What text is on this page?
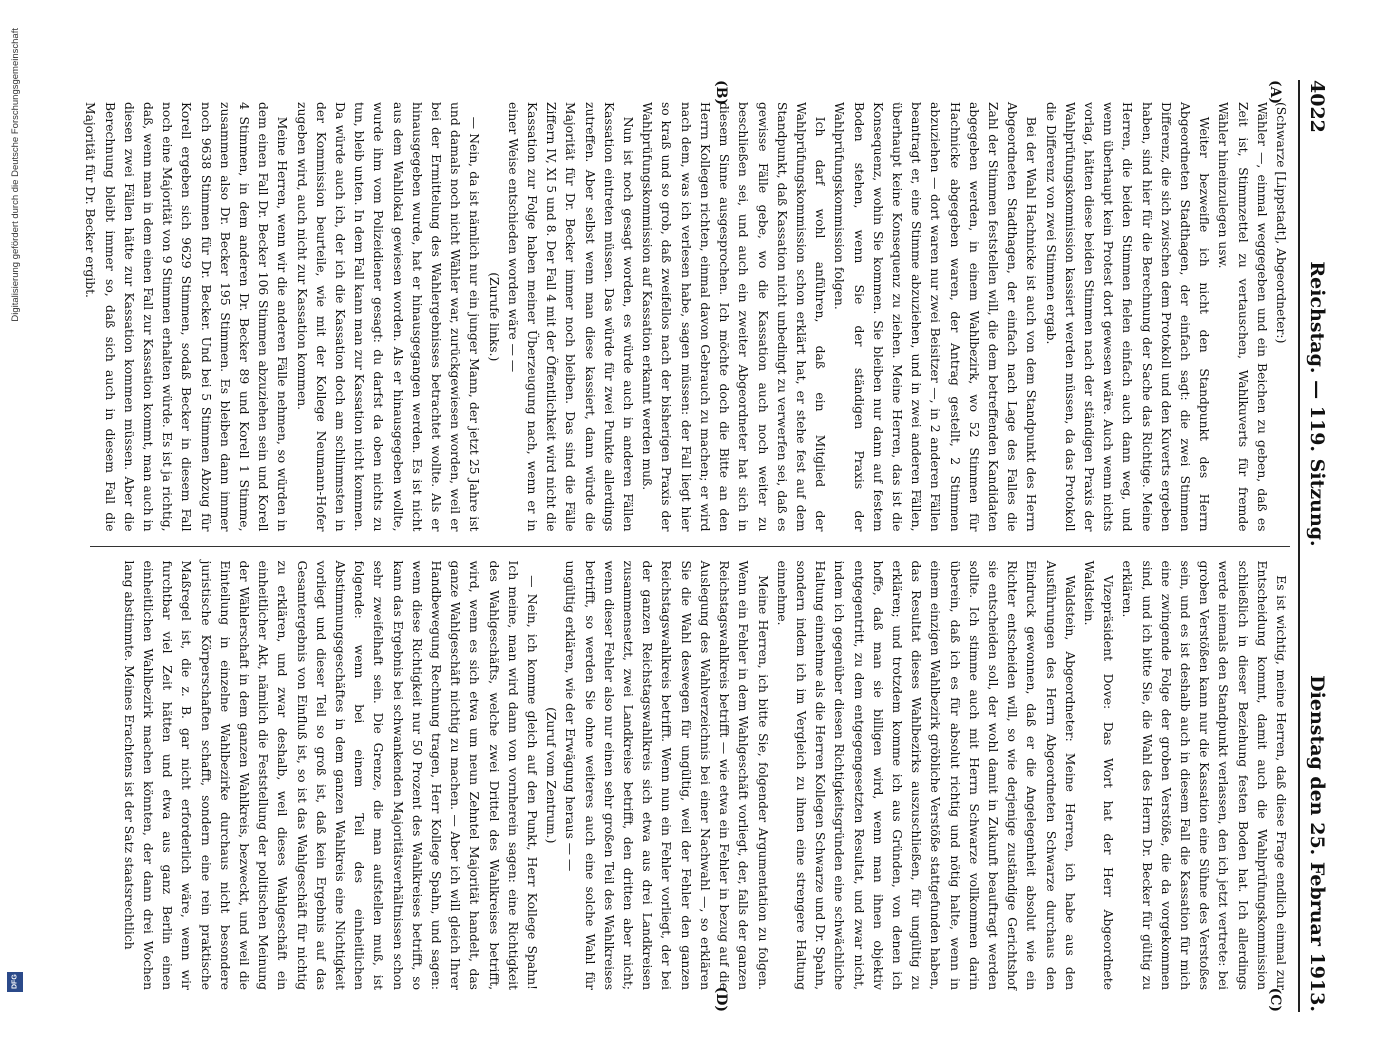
4022
Reichstag. — 119. Sitzung.
Dienstag den 25. Februar 1913.
(A)
(B)

(Schwarze [Lippstadt], Abgeordneter:)

Wähler —, einmal weggegeben und ein Beichen zu geben, daß es Zeit ist, Stimmzettel zu vertauschen, Wahlkuverts für fremde Wähler hineinzulegen usw.

Weiter bezweifle ich nicht den Standpunkt des Herrn Abgeordneten Stadthagen, der einfach sagt: die zwei Stimmen Differenz, die sich zwischen dem Protokoll und den Kuverts ergeben haben, sind hier für die Berechnung der Sache das Richtige. Meine Herren, die beiden Stimmen fielen einfach auch dann weg, und wenn überhaupt kein Protest dort gewesen wäre. Auch wenn nichts vorlag, hätten diese beiden Stimmen nach der ständigen Praxis der Wahlprüfungskommission kassiert werden müssen, da das Protokoll die Differenz von zwei Stimmen ergab.

Bei der Wahl Hachnicke ist auch von dem Standpunkt des Herrn Abgeordneten Stadthagen, der einfach nach Lage des Falles die Zahl der Stimmen feststellen will, die dem betreffenden Kandidaten abgegeben werden, in einem Wahlbezirk, wo 52 Stimmen für Hachnicke abgegeben waren, der Antrag gestellt, 2 Stimmen abzuziehen — dort waren nur zwei Beisitzer —, in 2 anderen Fällen beantragt er, eine Stimme abzuziehen, und in zwei anderen Fällen, überhaupt keine Konsequenz zu ziehen. Meine Herren, das ist die Konsequenz, wohin Sie kommen. Sie bleiben nur dann auf festem Boden stehen, wenn Sie der ständigen Praxis der Wahlprüfungskommission folgen.

Ich darf wohl anführen, daß ein Mitglied der Wahlprüfungskommission schon erklärt hat, er stehe fest auf dem Standpunkt, daß Kassation nicht unbedingt zu verwerfen sei, daß es gewisse Fälle gebe, wo die Kassation auch noch weiter zu beschließen sei, und auch ein zweiter Abgeordneter hat sich in diesem Sinne ausgesprochen. Ich möchte doch die Bitte an den Herrn Kollegen richten, einmal davon Gebrauch zu machen; er wird nach dem, was ich verlesen habe, sagen müssen: der Fall liegt hier so kraß und so grob, daß zweifellos nach der bisherigen Praxis der Wahlprüfungskommission auf Kassation erkannt werden muß.

Nun ist noch gesagt worden, es würde auch in anderen Fällen Kassation eintreten müssen. Das würde für zwei Punkte allerdings zutreffen. Aber selbst wenn man diese kassiert, dann würde die Majorität für Dr. Becker immer noch bleiben. Das sind die Fälle Ziffern IV, XI 5 und 8. Der Fall 4 mit der Öffentlichkeit wird nicht die Kassation zur Folge haben meiner Überzeugung nach, wenn er in einer Weise entschieden worden wäre — —

(Zurufe links.)

— Nein, da ist nämlich nur ein junger Mann, der jetzt 25 Jahre ist und damals noch nicht Wähler war, zurückgewiesen worden, weil er bei der Ermittelung des Wahlergebnisses betrachtet wollte. Als er hinausgegeben wurde, hat er hinausgegangen werden. Es ist nicht aus dem Wahllokal gewiesen worden. Als er hinausgegeben wollte, wurde ihm vom Polizeidiener gesagt: du darfst da oben nichts zu tun, bleib unten. In dem Fall kann man zur Kassation nicht kommen. Da würde auch ich, der ich die Kassation doch am schlimmsten in der Kommission beurteile, wie mit der Kollege Neumann-Hofer zugeben wird, auch nicht zur Kassation kommen.

Meine Herren, wenn wir die anderen Fälle nehmen, so würden in dem einen Fall Dr. Becker 106 Stimmen abzuziehen sein und Korell 4 Stimmen, in dem anderen Dr. Becker 89 und Korell 1 Stimme, zusammen also Dr. Becker 195 Stimmen. Es bleiben dann immer noch 9638 Stimmen für Dr. Becker. Und bei 5 Stimmen Abzug für Korell ergeben sich 9629 Stimmen, sodaß Becker in diesem Fall noch eine Majorität von 9 Stimmen erhalten würde. Es ist ja richtig, daß, wenn man in dem einen Fall zur Kassation kommt, man auch in diesen zwei Fällen hätte zur Kassation kommen müssen. Aber die Berechnung bleibt immer so, daß sich auch in diesem Fall die Majorität für Dr. Becker ergibt.

(C)
(D)

Es ist wichtig, meine Herren, daß diese Frage endlich einmal zur Entscheidung kommt, damit auch die Wahlprüfungskommission schließlich in dieser Beziehung festen Boden hat. Ich allerdings werde niemals den Standpunkt verlassen, den ich jetzt vertrete: bei groben Verstößen kann nur die Kassation eine Sühne des Verstoßes sein, und es ist deshalb auch in diesem Fall die Kassation für mich eine zwingende Folge der groben Verstöße, die da vorgekommen sind, und ich bitte Sie, die Wahl des Herrn Dr. Becker für gültig zu erklären.

Vizepräsident Dove: Das Wort hat der Herr Abgeordnete Waldstein.

Waldstein, Abgeordneter: Meine Herren, ich habe aus den Ausführungen des Herrn Abgeordneten Schwarze durchaus den Eindruck gewonnen, daß er die Angelegenheit absolut wie ein Richter entscheiden will, so wie derjenige zuständige Gerichtshof sie entscheiden soll, der wohl damit in Zukunft beauftragt werden sollte. Ich stimme auch mit Herrn Schwarze vollkommen darin überein, daß ich es für absolut richtig und nötig halte, wenn in einem einzigen Wahlbezirk gröbliche Verstöße stattgefunden haben, das Resultat dieses Wahlbezirks auszuschließen, für ungültig zu erklären; und trotzdem komme ich aus Gründen, von denen ich hoffe, daß man sie billigen wird, wenn man ihnen objektiv entgegentritt, zu dem entgegengesetzten Resultat, und zwar nicht, indem ich gegenüber diesen Richtigkeitsgründen eine schwächliche Haltung einnehme als die Herren Kollegen Schwarze und Dr. Spahn, sondern indem ich im Vergleich zu ihnen eine strengere Haltung einnehme.

Meine Herren, ich bitte Sie, folgender Argumentation zu folgen. Wenn ein Fehler in dem Wahlgeschäft vorliegt, der, falls der ganzen Reichstagswahlkreis betrifft — wie etwa ein Fehler in bezug auf die Auslegung des Wahlverzeichnis bei einer Nachwahl —, so erklären Sie die Wahl deswegen für ungültig, weil der Fehler den ganzen Reichstagswahlkreis betrifft. Wenn nun ein Fehler vorliegt, der bei der ganzen Reichstagswahlkreis sich etwa aus drei Landkreisen zusammensetzt, zwei Landkreise betrifft, den dritten aber nicht; wenn dieser Fehler also nur einen sehr großen Teil des Wahlkreises betrifft, so werden Sie ohne weiteres auch eine solche Wahl für ungültig erklären, wie der Erwägung heraus — —

(Zuruf vom Zentrum.)

— Nein, ich komme gleich auf den Punkt, Herr Kollege Spahn! Ich meine, man wird dann von vornherein sagen: eine Richtigkeit des Wahlgeschäfts, welche zwei Drittel des Wahlkreises betrifft, wird, wenn es sich etwa um neun Zehntel Majorität handelt, das ganze Wahlgeschäft nichtig zu machen. — Aber ich will gleich Ihrer Handbewegung Rechnung tragen, Herr Kollege Spahn, und sagen: wenn diese Richtigkeit nur 50 Prozent des Wahlkreises betrifft, so kann das Ergebnis bei schwankenden Majoritätsverhältnissen schon sehr zweifelhaft sein. Die Grenze, die man aufstellen muß, ist folgende: wenn bei einem Teil des einheitlichen Abstimmungsgeschäftes in dem ganzen Wahlkreis eine Nichtigkeit vorliegt und dieser Teil so groß ist, daß kein Ergebnis auf das Gesamtergebnis von Einfluß ist, so ist das Wahlgeschäft für nichtig zu erklären, und zwar deshalb, weil dieses Wahlgeschäft ein einheitlicher Akt, nämlich die Feststellung der politischen Meinung der Wählerschaft in dem ganzen Wahlkreis, bezweckt, und weil die Einteilung in einzelne Wahlbezirke durchaus nicht besondere juristische Körperschaften schafft, sondern eine rein praktische Maßregel ist, die z. B. gar nicht erforderlich wäre, wenn wir furchtbar viel Zeit hätten und etwa aus ganz Berlin einen einheitlichen Wahlbezirk machen könnten, der dann drei Wochen lang abstimmte. Meines Erachtens ist der Satz staatsrechtlich

Digitalisierung gefördert durch die Deutsche Forschungsgemeinschaft
DFG
